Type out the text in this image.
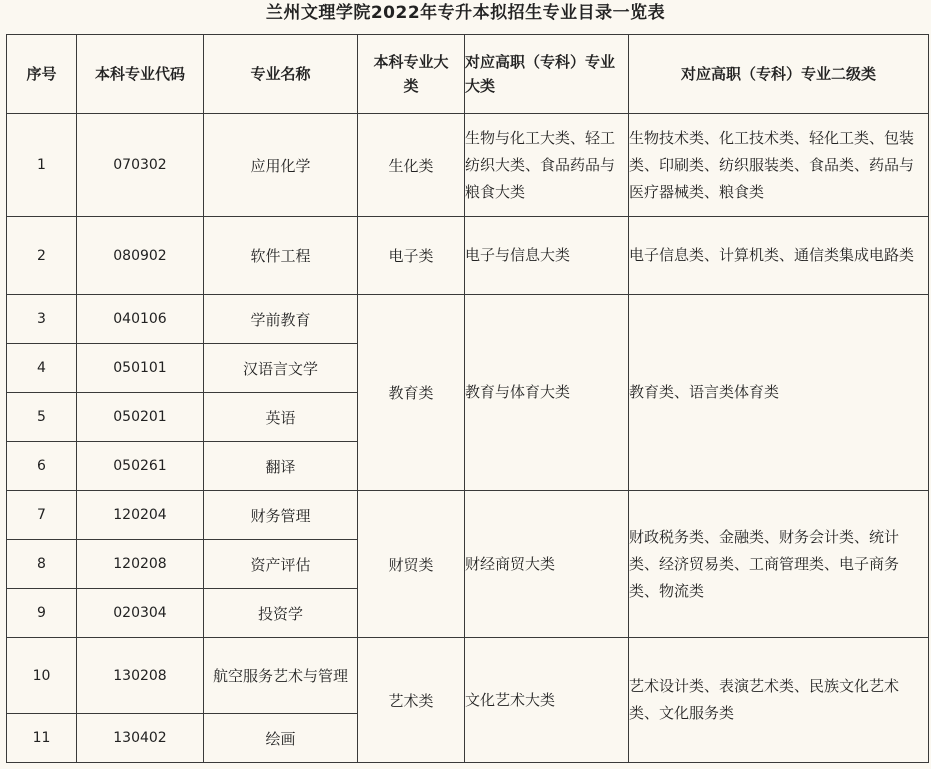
兰州文理学院2022年专升本拟招生专业目录一览表
序号	本科专业代码	专业名称	本科专业大类	对应高职（专科）专业大类	对应高职（专科）专业二级类
1	070302	应用化学	生化类	生物与化工大类、轻工纺织大类、食品药品与粮食大类	生物技术类、化工技术类、轻化工类、包装类、印刷类、纺织服装类、食品类、药品与医疗器械类、粮食类
2	080902	软件工程	电子类	电子与信息大类	电子信息类、计算机类、通信类集成电路类
3	040106	学前教育	教育类	教育与体育大类	教育类、语言类体育类
4	050101	汉语言文学			
5	050201	英语			
6	050261	翻译			
7	120204	财务管理	财贸类	财经商贸大类	财政税务类、金融类、财务会计类、统计类、经济贸易类、工商管理类、电子商务类、物流类
8	120208	资产评估			
9	020304	投资学			
10	130208	航空服务艺术与管理	艺术类	文化艺术大类	艺术设计类、表演艺术类、民族文化艺术类、文化服务类
11	130402	绘画			
